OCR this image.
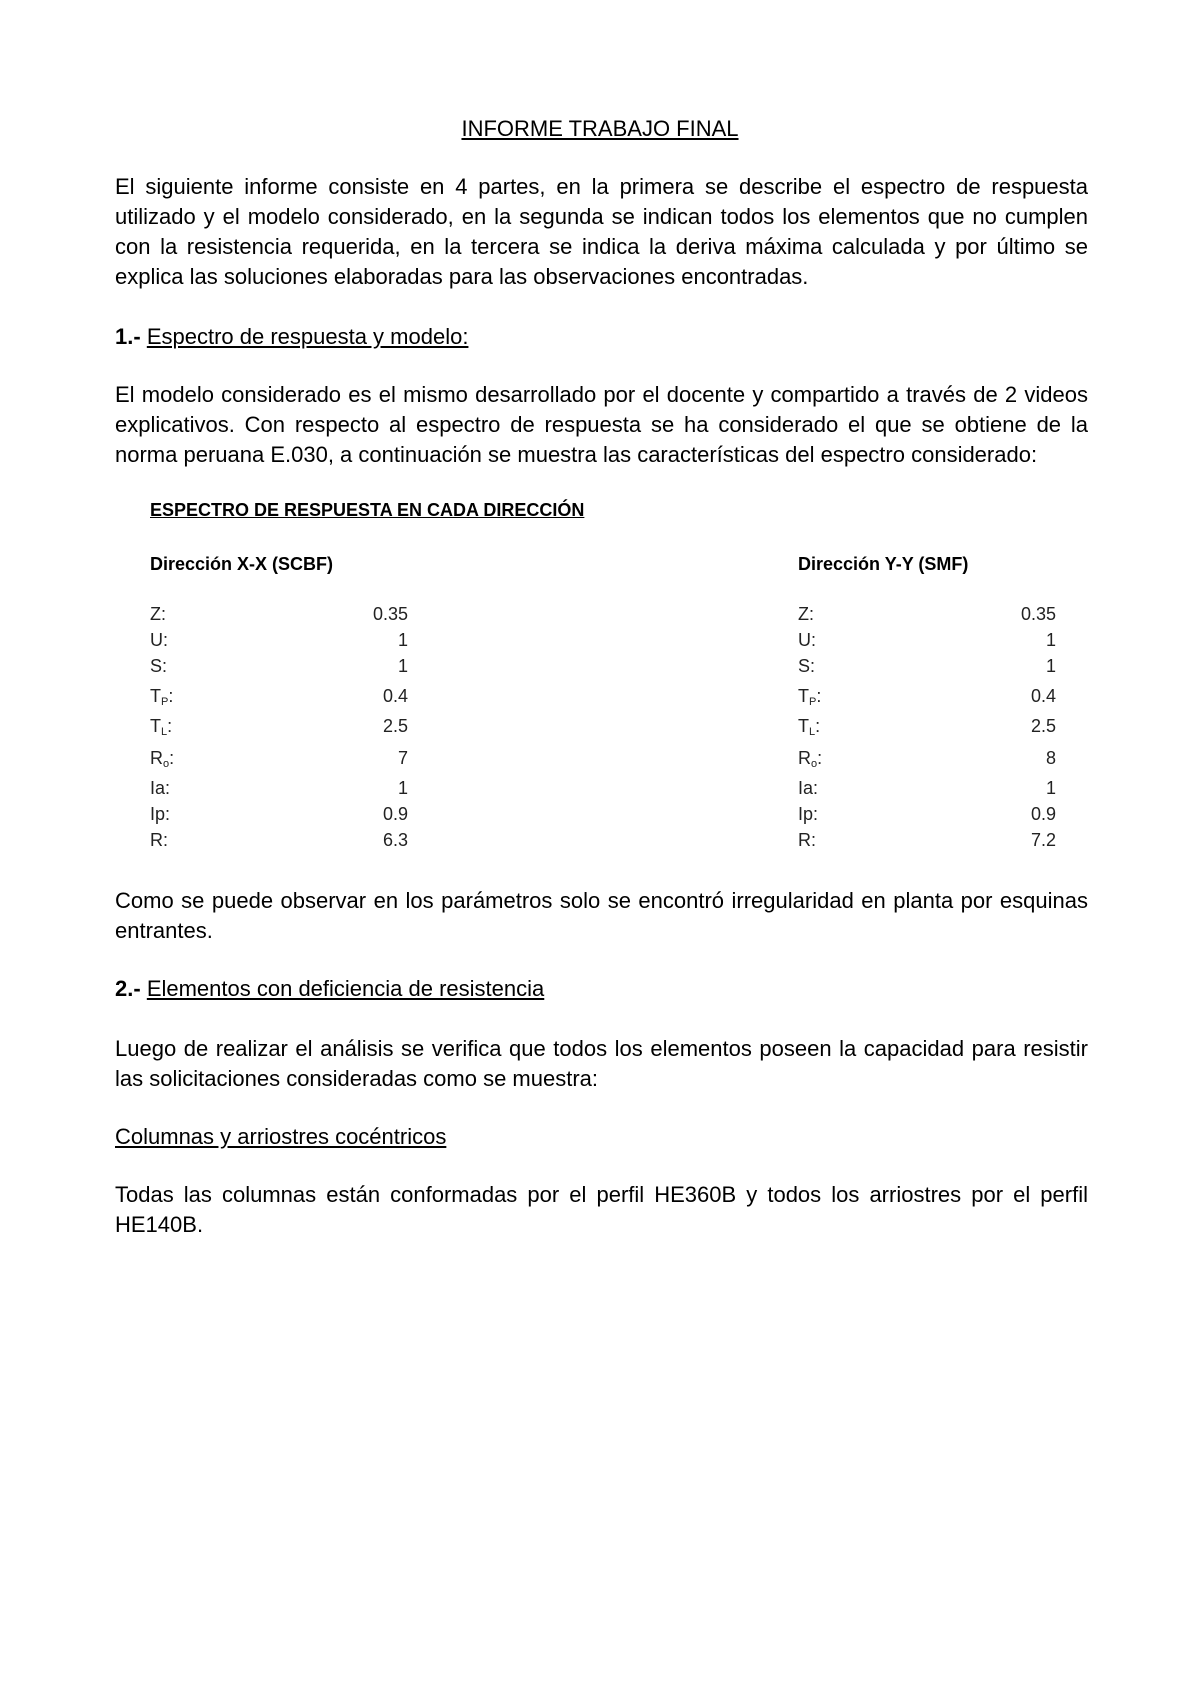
INFORME TRABAJO FINAL

El siguiente informe consiste en 4 partes, en la primera se describe el espectro de respuesta utilizado y el modelo considerado, en la segunda se indican todos los elementos que no cumplen con la resistencia requerida, en la tercera se indica la deriva máxima calculada y por último se explica las soluciones elaboradas para las observaciones encontradas.

1.- Espectro de respuesta y modelo:

El modelo considerado es el mismo desarrollado por el docente y compartido a través de 2 videos explicativos. Con respecto al espectro de respuesta se ha considerado el que se obtiene de la norma peruana E.030, a continuación se muestra las características del espectro considerado:

ESPECTRO DE RESPUESTA EN CADA DIRECCIÓN

Dirección X-X (SCBF)	Dirección Y-Y (SMF)

Z:	0.35
U:	1
S:	1
$T_P$:	0.4
$T_L$:	2.5
$R_o$:	7
Ia:	1
Ip:	0.9
R:	6.3
Z:	0.35
U:	1
S:	1
$T_P$:	0.4
$T_L$:	2.5
$R_o$:	8
Ia:	1
Ip:	0.9
R:	7.2

Como se puede observar en los parámetros solo se encontró irregularidad en planta por esquinas entrantes.

2.- Elementos con deficiencia de resistencia

Luego de realizar el análisis se verifica que todos los elementos poseen la capacidad para resistir las solicitaciones consideradas como se muestra:

Columnas y arriostres cocéntricos

Todas las columnas están conformadas por el perfil HE360B y todos los arriostres por el perfil HE140B.
